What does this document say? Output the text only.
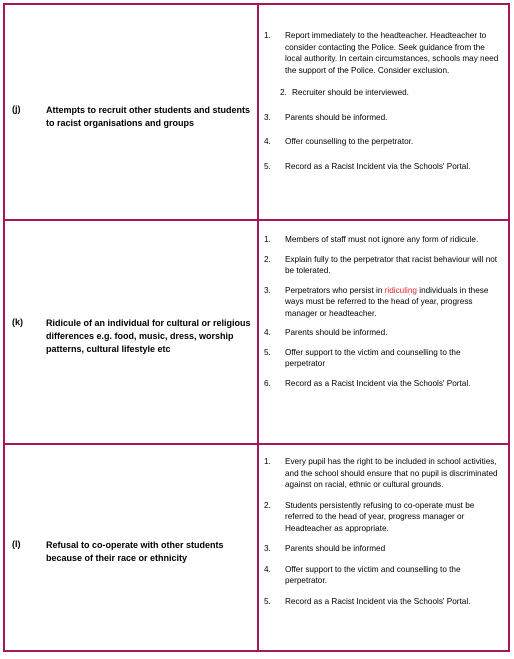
(j)	Attempts to recruit other students and students to racist organisations and groups
1. Report immediately to the headteacher. Headteacher to consider contacting the Police. Seek guidance from the local authority. In certain circumstances, schools may need the support of the Police. Consider exclusion.
2. Recruiter should be interviewed.
3. Parents should be informed.
4. Offer counselling to the perpetrator.
5. Record as a Racist Incident via the Schools' Portal.
(k)	Ridicule of an individual for cultural or religious differences e.g. food, music, dress, worship patterns, cultural lifestyle etc
1. Members of staff must not ignore any form of ridicule.
2. Explain fully to the perpetrator that racist behaviour will not be tolerated.
3. Perpetrators who persist in ridiculing individuals in these ways must be referred to the head of year, progress manager or headteacher.
4. Parents should be informed.
5. Offer support to the victim and counselling to the perpetrator
6. Record as a Racist Incident via the Schools' Portal.
(l)	Refusal to co-operate with other students because of their race or ethnicity
1. Every pupil has the right to be included in school activities, and the school should ensure that no pupil is discriminated against on racial, ethnic or cultural grounds.
2. Students persistently refusing to co-operate must be referred to the head of year, progress manager or Headteacher as appropriate.
3. Parents should be informed
4. Offer support to the victim and counselling to the perpetrator.
5. Record as a Racist Incident via the Schools' Portal.
